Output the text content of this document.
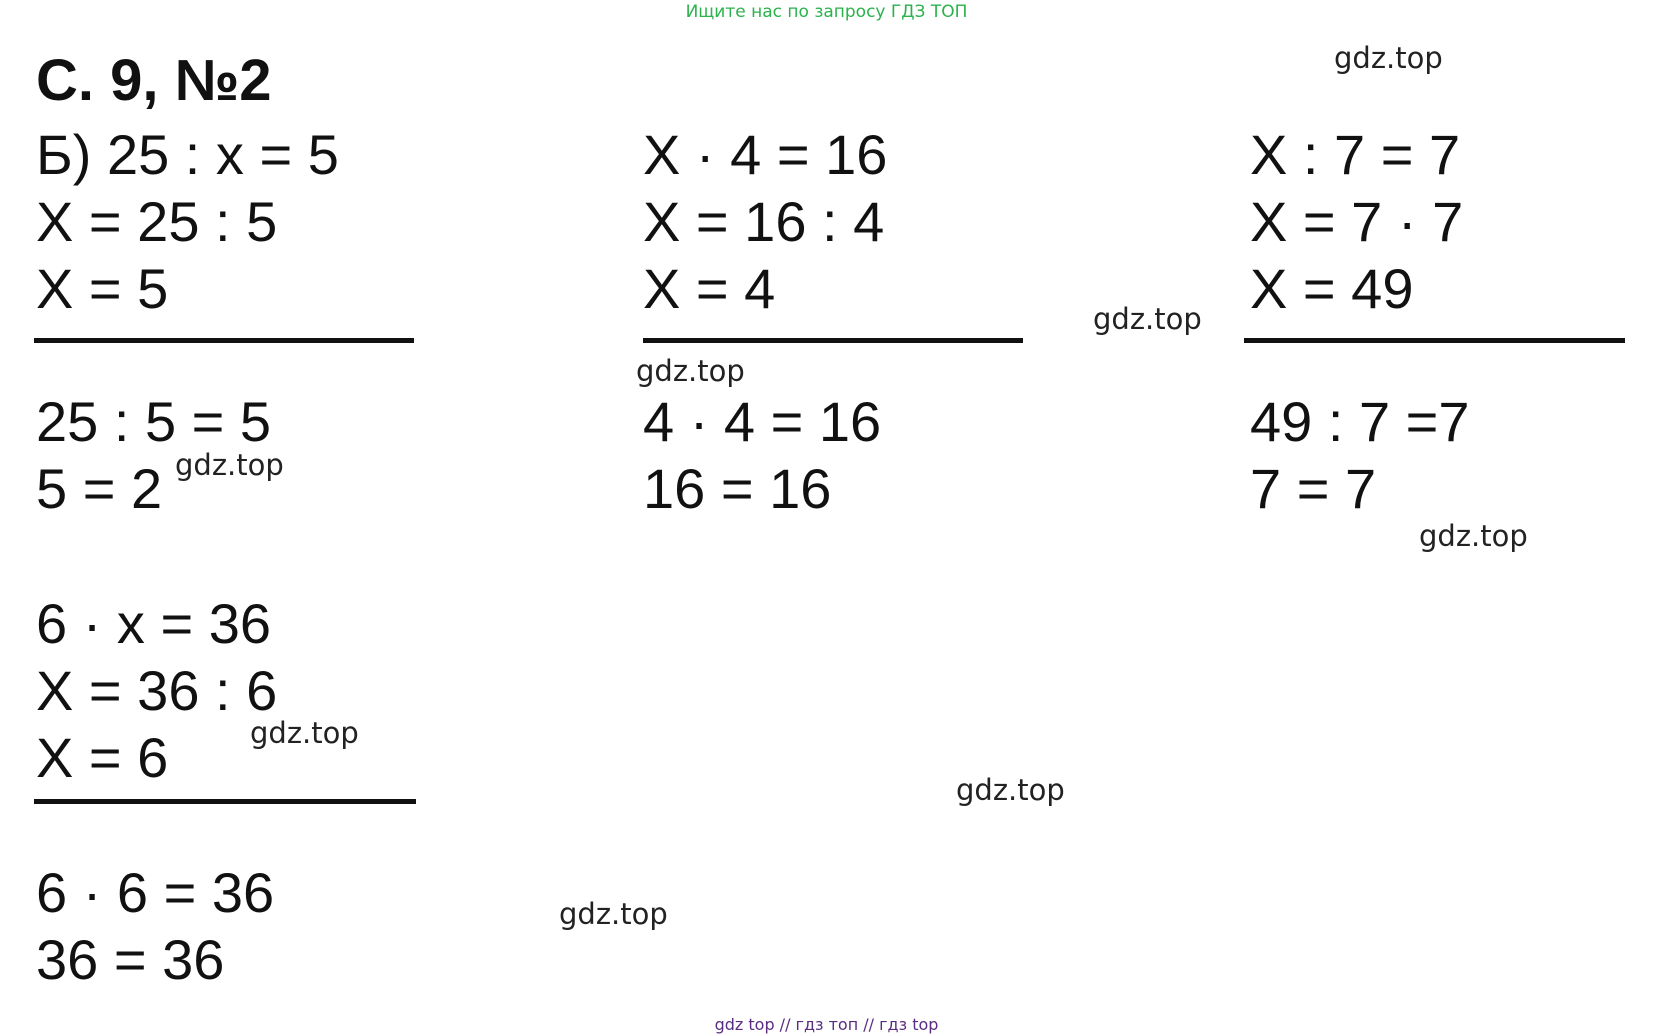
Ищите нас по запросу ГДЗ ТОП
С. 9, №2
Б) 25 : x = 5
X = 25 : 5
X = 5
25 : 5 = 5
5 = 2
X · 4 = 16
X = 16 : 4
X = 4
4 · 4 = 16
16 = 16
X : 7 = 7
X = 7 · 7
X = 49
49 : 7 =7
7 = 7
6 · x = 36
X = 36 : 6
X = 6
6 · 6 = 36
36 = 36
gdz.top
gdz.top
gdz.top
gdz.top
gdz.top
gdz.top
gdz.top
gdz.top
gdz top // гдз топ // гдз top
